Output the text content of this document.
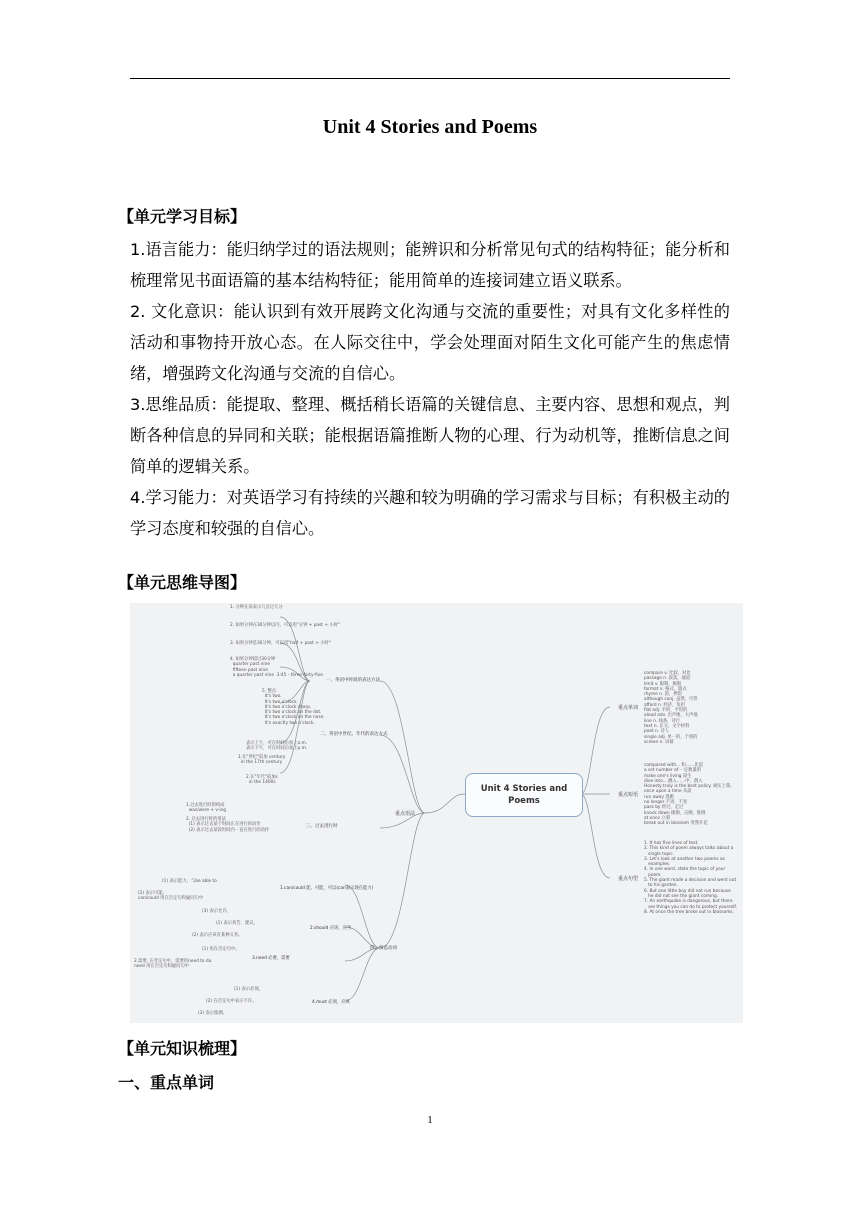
Unit 4 Stories and Poems
【单元学习目标】
1.语言能力：能归纳学过的语法规则；能辨识和分析常见句式的结构特征；能分析和梳理常见书面语篇的基本结构特征；能用简单的连接词建立语义联系。
2. 文化意识：能认识到有效开展跨文化沟通与交流的重要性；对具有文化多样性的活动和事物持开放心态。在人际交往中，学会处理面对陌生文化可能产生的焦虑情绪，增强跨文化沟通与交流的自信心。
3.思维品质：能提取、整理、概括稍长语篇的关键信息、主要内容、思想和观点，判断各种信息的异同和关联；能根据语篇推断人物的心理、行为动机等，推断信息之间简单的逻辑关系。
4.学习能力：对英语学习有持续的兴趣和较为明确的学习需求与目标；有积极主动的学习态度和较强的自信心。
【单元思维导图】
Unit 4 Stories and Poems
重点语法
重点单词
重点短语
重点句型
一、英语中时间的表达方法
二、英语中世纪、年代的表达方式
三、过去进行时
四、情态动词
1.can/could 能，可能，可以(can表示现在能力)
2.should 应该，应当
3.need 必要，需要
4.must 必须，应该
1. 分钟在前表示几点过几分
2. 如果分钟在30分钟以内，可以用"分钟 + past + 小时"
3. 如果分钟是30分钟，可以用"half + past + 小时"
4. 如果分钟超过30分钟
quarter past nine
fifteen past nine
a quarter past nine  3:45 - three forty-five
5. 整点
It's two.
It's two o'clock.
It's two o'clock sharp.
It's two o'clock on the dot.
It's two o'clock on the nose.
It's exactly two o'clock.
表示上午，可在时间后加上a.m.
表示下午，可在时间后加上p.m.
1.在"世纪"前加 century
in the 17th century
2.在"年代"前加s
in the 1400s
1.过去进行时的构成
was/were + v-ing
2. 过去进行时的用法
(1) 表示过去某个时间正在进行的动作
(2) 表示过去某段时间内一直在进行的动作
(1) 表示能力，与be able to
(2) 表示可能。
can/could 用在否定句和疑问句中
(3) 表示允许。
(1) 表示劝告、建议。
(2) 表示应该有某种义务。
(1) 用在否定句中。
2.需要, 在肯定句中，需要用need to do.
need 用在否定句和疑问句中
(1) 表示必须。
(2) 在否定句中表示不许。
(3) 表示推测。
compare v. 比较，对比
passage n. 段落，通道
limit v. 限制，极限
format n. 格式，版式
rhyme n. 韵，押韵
although conj. 虽然，尽管
afford n. 经济，负担
flat adj. 平的，平坦的
aloud adv. 出声地，大声地
line n. 线条，诗行
text n. 正文，文字材料
poet n. 诗人
single adj. 单一的，个别的
screen n. 屏幕
compared with... 和……比起
a set number of 一定数量的
make one's living 谋生
dive into... 跳入……中，潜入
Honesty truly is the best policy. 诚实上策。
once upon a time 从前
run away 逃跑
no longer 不再，不复
pass by 经过，走过
knock down 撞倒，击倒，推倒
at once 立刻
break out in blossom 突然开花
1. It has five lines of text.
2. This kind of poem always talks about a
single topic.
3. Let's look at another two poems as
examples.
4. In one word, state the topic of your
poem.
5. The giant made a decision and went out
to his garden.
6. But one little boy did not run because
he did not see the giant coming.
7. An earthquake is dangerous, but there
are things you can do to protect yourself.
8. At once the tree broke out in blossoms.
【单元知识梳理】
一、重点单词
1
